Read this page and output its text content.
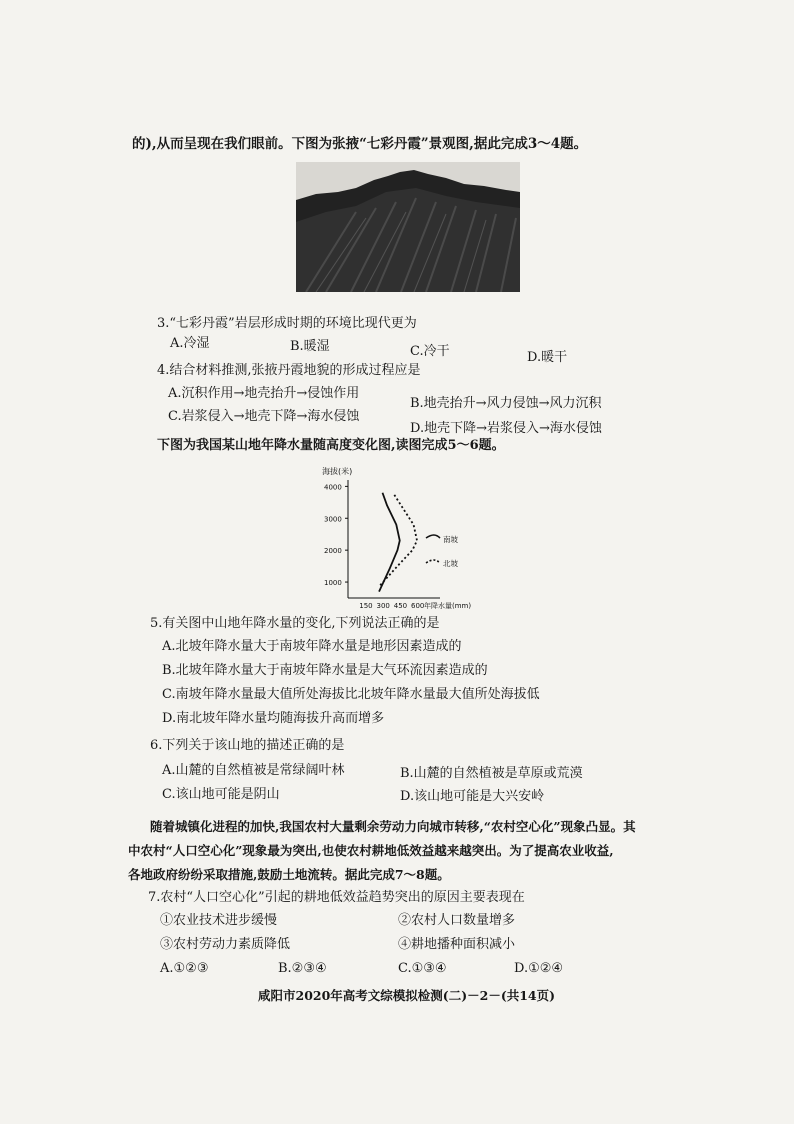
的),从而呈现在我们眼前。下图为张掖“七彩丹霞”景观图,据此完成3～4题。
3.“七彩丹霞”岩层形成时期的环境比现代更为
A.冷湿	B.暖湿	C.冷干	D.暖干
4.结合材料推测,张掖丹霞地貌的形成过程应是
A.沉积作用→地壳抬升→侵蚀作用
B.地壳抬升→风力侵蚀→风力沉积
C.岩浆侵入→地壳下降→海水侵蚀
D.地壳下降→岩浆侵入→海水侵蚀
下图为我国某山地年降水量随高度变化图,读图完成5～6题。
海拔(米)
年降水量(mm)
4000
3000
2000
1000
150 300 450 600
南坡
北坡
5.有关图中山地年降水量的变化,下列说法正确的是
A.北坡年降水量大于南坡年降水量是地形因素造成的
B.北坡年降水量大于南坡年降水量是大气环流因素造成的
C.南坡年降水量最大值所处海拔比北坡年降水量最大值所处海拔低
D.南北坡年降水量均随海拔升高而增多
6.下列关于该山地的描述正确的是
A.山麓的自然植被是常绿阔叶林	B.山麓的自然植被是草原或荒漠
C.该山地可能是阴山	D.该山地可能是大兴安岭
随着城镇化进程的加快,我国农村大量剩余劳动力向城市转移,“农村空心化”现象凸显。其
中农村“人口空心化”现象最为突出,也使农村耕地低效益越来越突出。为了提高农业收益,
各地政府纷纷采取措施,鼓励土地流转。据此完成7～8题。
7.农村“人口空心化”引起的耕地低效益趋势突出的原因主要表现在
①农业技术进步缓慢	②农村人口数量增多
③农村劳动力素质降低	④耕地播种面积减小
A.①②③	B.②③④	C.①③④	D.①②④
咸阳市2020年高考文综模拟检测(二)－2－(共14页)
